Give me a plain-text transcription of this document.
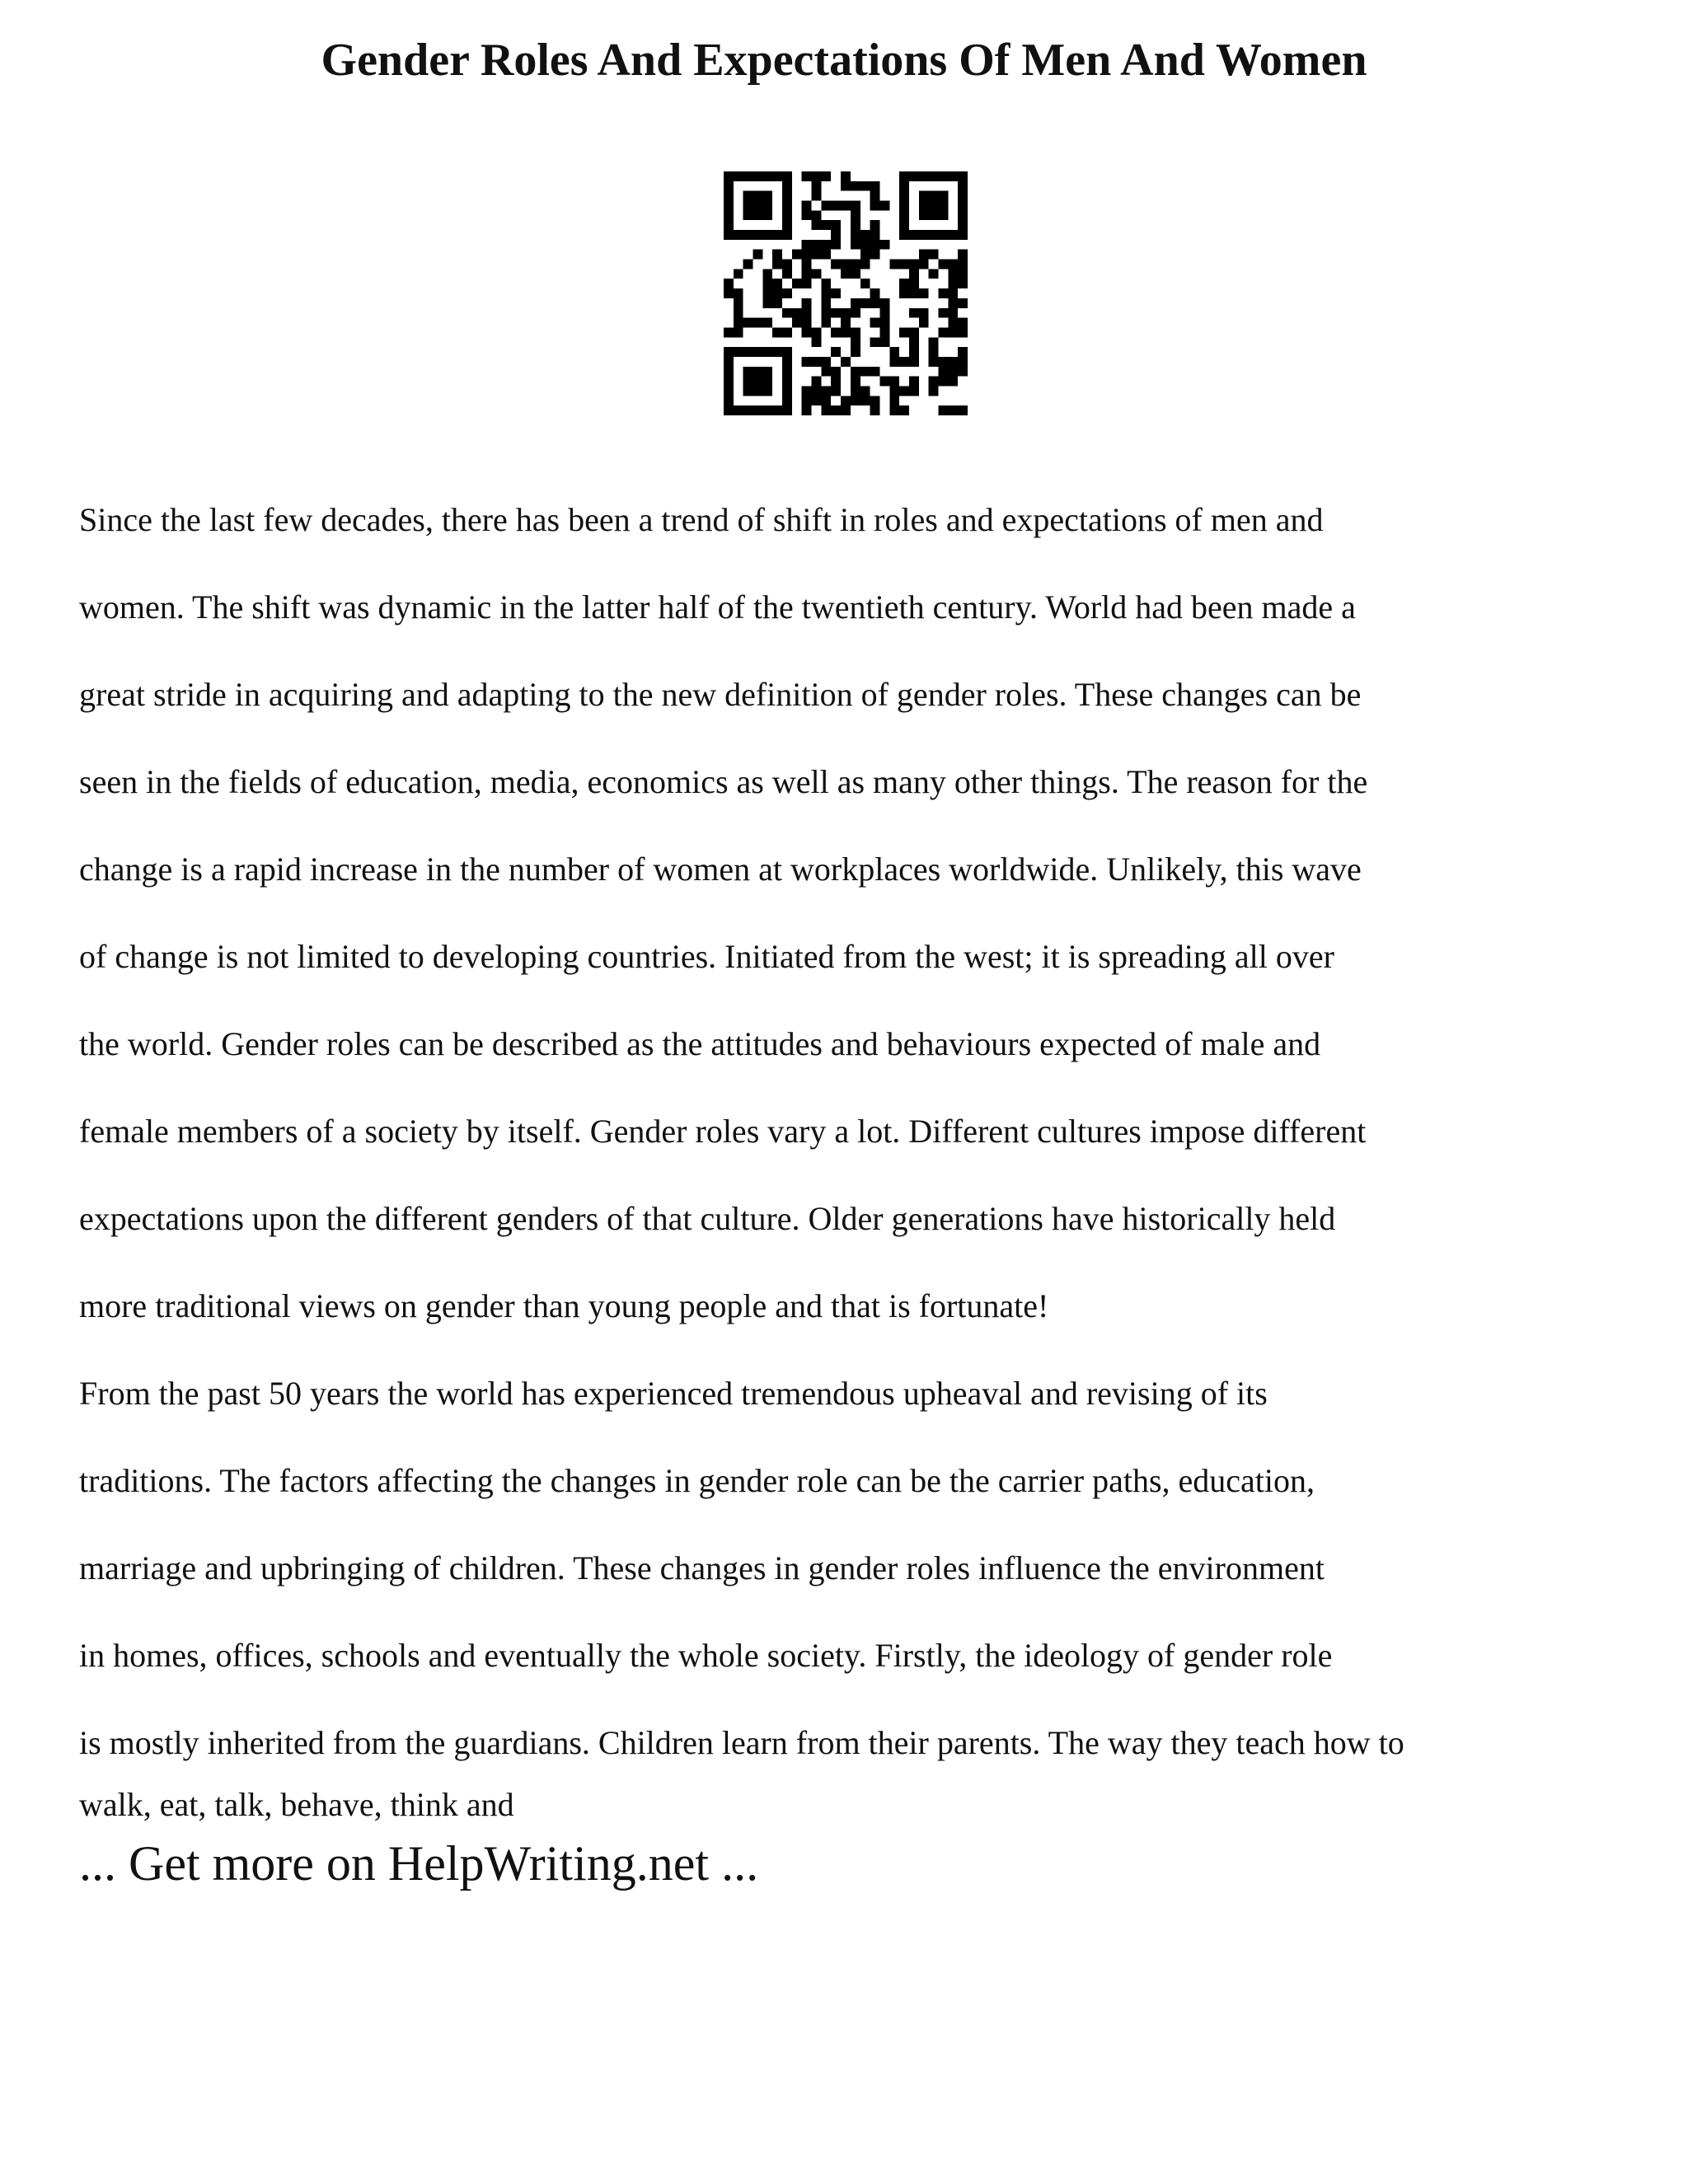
Gender Roles And Expectations Of Men And Women

Since the last few decades, there has been a trend of shift in roles and expectations of men and
women. The shift was dynamic in the latter half of the twentieth century. World had been made a
great stride in acquiring and adapting to the new definition of gender roles. These changes can be
seen in the fields of education, media, economics as well as many other things. The reason for the
change is a rapid increase in the number of women at workplaces worldwide. Unlikely, this wave
of change is not limited to developing countries. Initiated from the west; it is spreading all over
the world. Gender roles can be described as the attitudes and behaviours expected of male and
female members of a society by itself. Gender roles vary a lot. Different cultures impose different
expectations upon the different genders of that culture. Older generations have historically held
more traditional views on gender than young people and that is fortunate!

From the past 50 years the world has experienced tremendous upheaval and revising of its
traditions. The factors affecting the changes in gender role can be the carrier paths, education,
marriage and upbringing of children. These changes in gender roles influence the environment
in homes, offices, schools and eventually the whole society. Firstly, the ideology of gender role
is mostly inherited from the guardians. Children learn from their parents. The way they teach how to
walk, eat, talk, behave, think and

... Get more on HelpWriting.net ...
